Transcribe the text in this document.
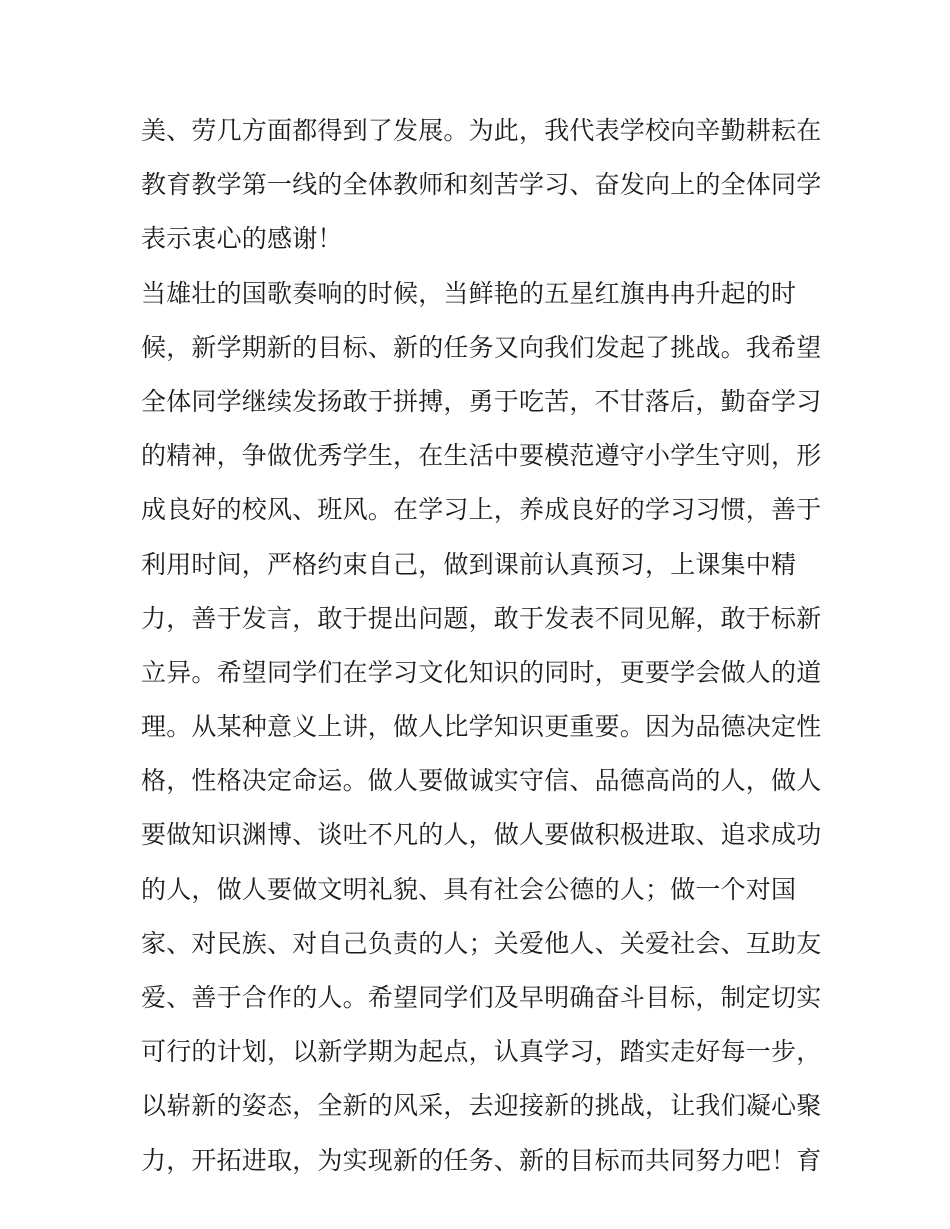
美、劳几方面都得到了发展。为此，我代表学校向辛勤耕耘在
教育教学第一线的全体教师和刻苦学习、奋发向上的全体同学
表示衷心的感谢！

当雄壮的国歌奏响的时候，当鲜艳的五星红旗冉冉升起的时
候，新学期新的目标、新的任务又向我们发起了挑战。我希望
全体同学继续发扬敢于拼搏，勇于吃苦，不甘落后，勤奋学习
的精神，争做优秀学生，在生活中要模范遵守小学生守则，形
成良好的校风、班风。在学习上，养成良好的学习习惯，善于
利用时间，严格约束自己，做到课前认真预习，上课集中精
力，善于发言，敢于提出问题，敢于发表不同见解，敢于标新
立异。希望同学们在学习文化知识的同时，更要学会做人的道
理。从某种意义上讲，做人比学知识更重要。因为品德决定性
格，性格决定命运。做人要做诚实守信、品德高尚的人，做人
要做知识渊博、谈吐不凡的人，做人要做积极进取、追求成功
的人，做人要做文明礼貌、具有社会公德的人；做一个对国
家、对民族、对自己负责的人；关爱他人、关爱社会、互助友
爱、善于合作的人。希望同学们及早明确奋斗目标，制定切实
可行的计划，以新学期为起点，认真学习，踏实走好每一步，
以崭新的姿态，全新的风采，去迎接新的挑战，让我们凝心聚
力，开拓进取，为实现新的任务、新的目标而共同努力吧！育
